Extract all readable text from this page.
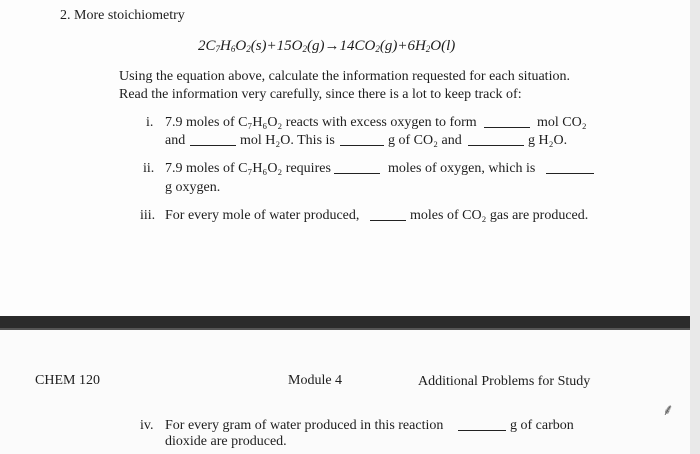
2. More stoichiometry
$2C_7H_6O_2(s)+15O_2(g)\to 14CO_2(g)+6H_2O(l)$
Using the equation above, calculate the information requested for each situation.
Read the information very carefully, since there is a lot to keep track of:
i. 7.9 moles of C₇H₆O₂ reacts with excess oxygen to form	mol CO₂
and	mol H₂O. This is	g of CO₂ and	g H₂O.
ii. 7.9 moles of C₇H₆O₂ requires	moles of oxygen, which is
g oxygen.
iii. For every mole of water produced,	moles of CO₂ gas are produced.
CHEM 120	Module 4	Additional Problems for Study
iv. For every gram of water produced in this reaction	g of carbon
dioxide are produced.
⸙
